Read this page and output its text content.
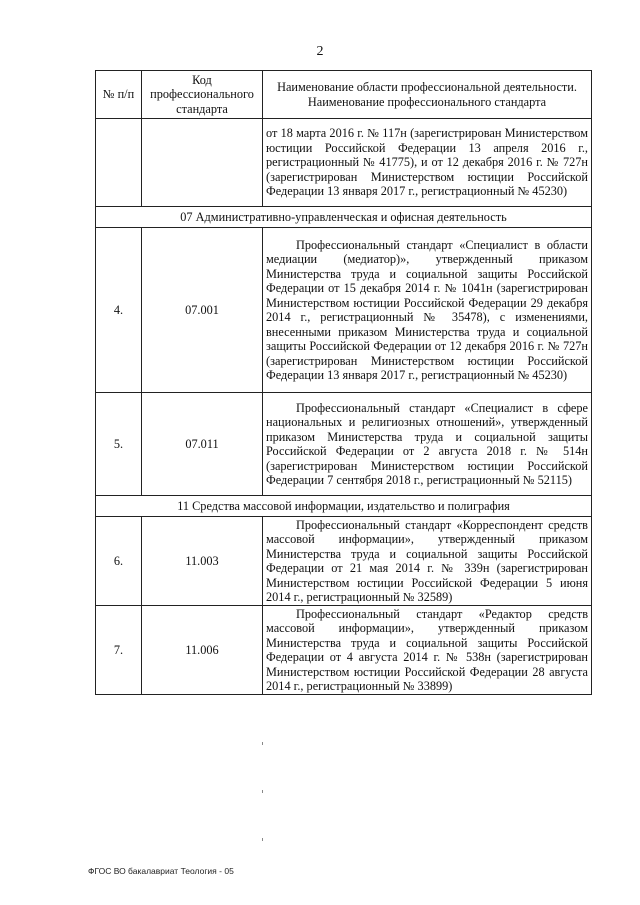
2
№ п/п	Код профессионального стандарта	Наименование области профессиональной деятельности. Наименование профессионального стандарта
		от 18 марта 2016 г. № 117н (зарегистрирован Министерством юстиции Российской Федерации 13 апреля 2016 г., регистрационный № 41775), и от 12 декабря 2016 г. № 727н (зарегистрирован Министерством юстиции Российской Федерации 13 января 2017 г., регистрационный № 45230)
07 Административно-управленческая и офисная деятельность		
4.	07.001	Профессиональный стандарт «Специалист в области медиации (медиатор)», утвержденный приказом Министерства труда и социальной защиты Российской Федерации от 15 декабря 2014 г. № 1041н (зарегистрирован Министерством юстиции Российской Федерации 29 декабря 2014 г., регистрационный № 35478), с изменениями, внесенными приказом Министерства труда и социальной защиты Российской Федерации от 12 декабря 2016 г. № 727н (зарегистрирован Министерством юстиции Российской Федерации 13 января 2017 г., регистрационный № 45230)
5.	07.011	Профессиональный стандарт «Специалист в сфере национальных и религиозных отношений», утвержденный приказом Министерства труда и социальной защиты Российской Федерации от 2 августа 2018 г. № 514н (зарегистрирован Министерством юстиции Российской Федерации 7 сентября 2018 г., регистрационный № 52115)
11 Средства массовой информации, издательство и полиграфия		
6.	11.003	Профессиональный стандарт «Корреспондент средств массовой информации», утвержденный приказом Министерства труда и социальной защиты Российской Федерации от 21 мая 2014 г. № 339н (зарегистрирован Министерством юстиции Российской Федерации 5 июня 2014 г., регистрационный № 32589)
7.	11.006	Профессиональный стандарт «Редактор средств массовой информации», утвержденный приказом Министерства труда и социальной защиты Российской Федерации от 4 августа 2014 г. № 538н (зарегистрирован Министерством юстиции Российской Федерации 28 августа 2014 г., регистрационный № 33899)
ФГОС ВО бакалавриат Теология - 05
